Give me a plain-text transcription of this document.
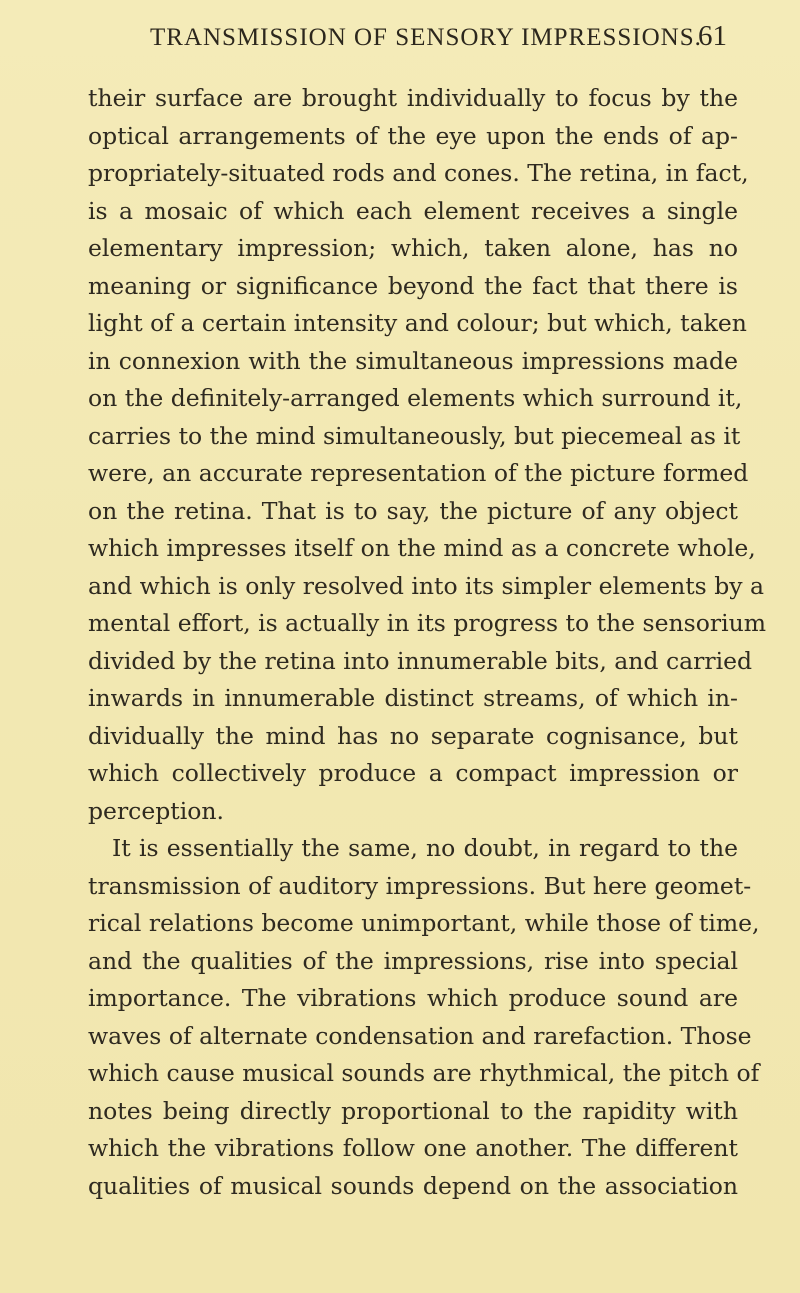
TRANSMISSION OF SENSORY IMPRESSIONS.
61
their surface are brought individually to focus by the
optical arrangements of the eye upon the ends of ap-
propriately-situated rods and cones. The retina, in fact,
is a mosaic of which each element receives a single
elementary impression; which, taken alone, has no
meaning or significance beyond the fact that there is
light of a certain intensity and colour; but which, taken
in connexion with the simultaneous impressions made
on the definitely-arranged elements which surround it,
carries to the mind simultaneously, but piecemeal as it
were, an accurate representation of the picture formed
on the retina. That is to say, the picture of any object
which impresses itself on the mind as a concrete whole,
and which is only resolved into its simpler elements by a
mental effort, is actually in its progress to the sensorium
divided by the retina into innumerable bits, and carried
inwards in innumerable distinct streams, of which in-
dividually the mind has no separate cognisance, but
which collectively produce a compact impression or
perception.
It is essentially the same, no doubt, in regard to the
transmission of auditory impressions. But here geomet-
rical relations become unimportant, while those of time,
and the qualities of the impressions, rise into special
importance. The vibrations which produce sound are
waves of alternate condensation and rarefaction. Those
which cause musical sounds are rhythmical, the pitch of
notes being directly proportional to the rapidity with
which the vibrations follow one another. The different
qualities of musical sounds depend on the association
